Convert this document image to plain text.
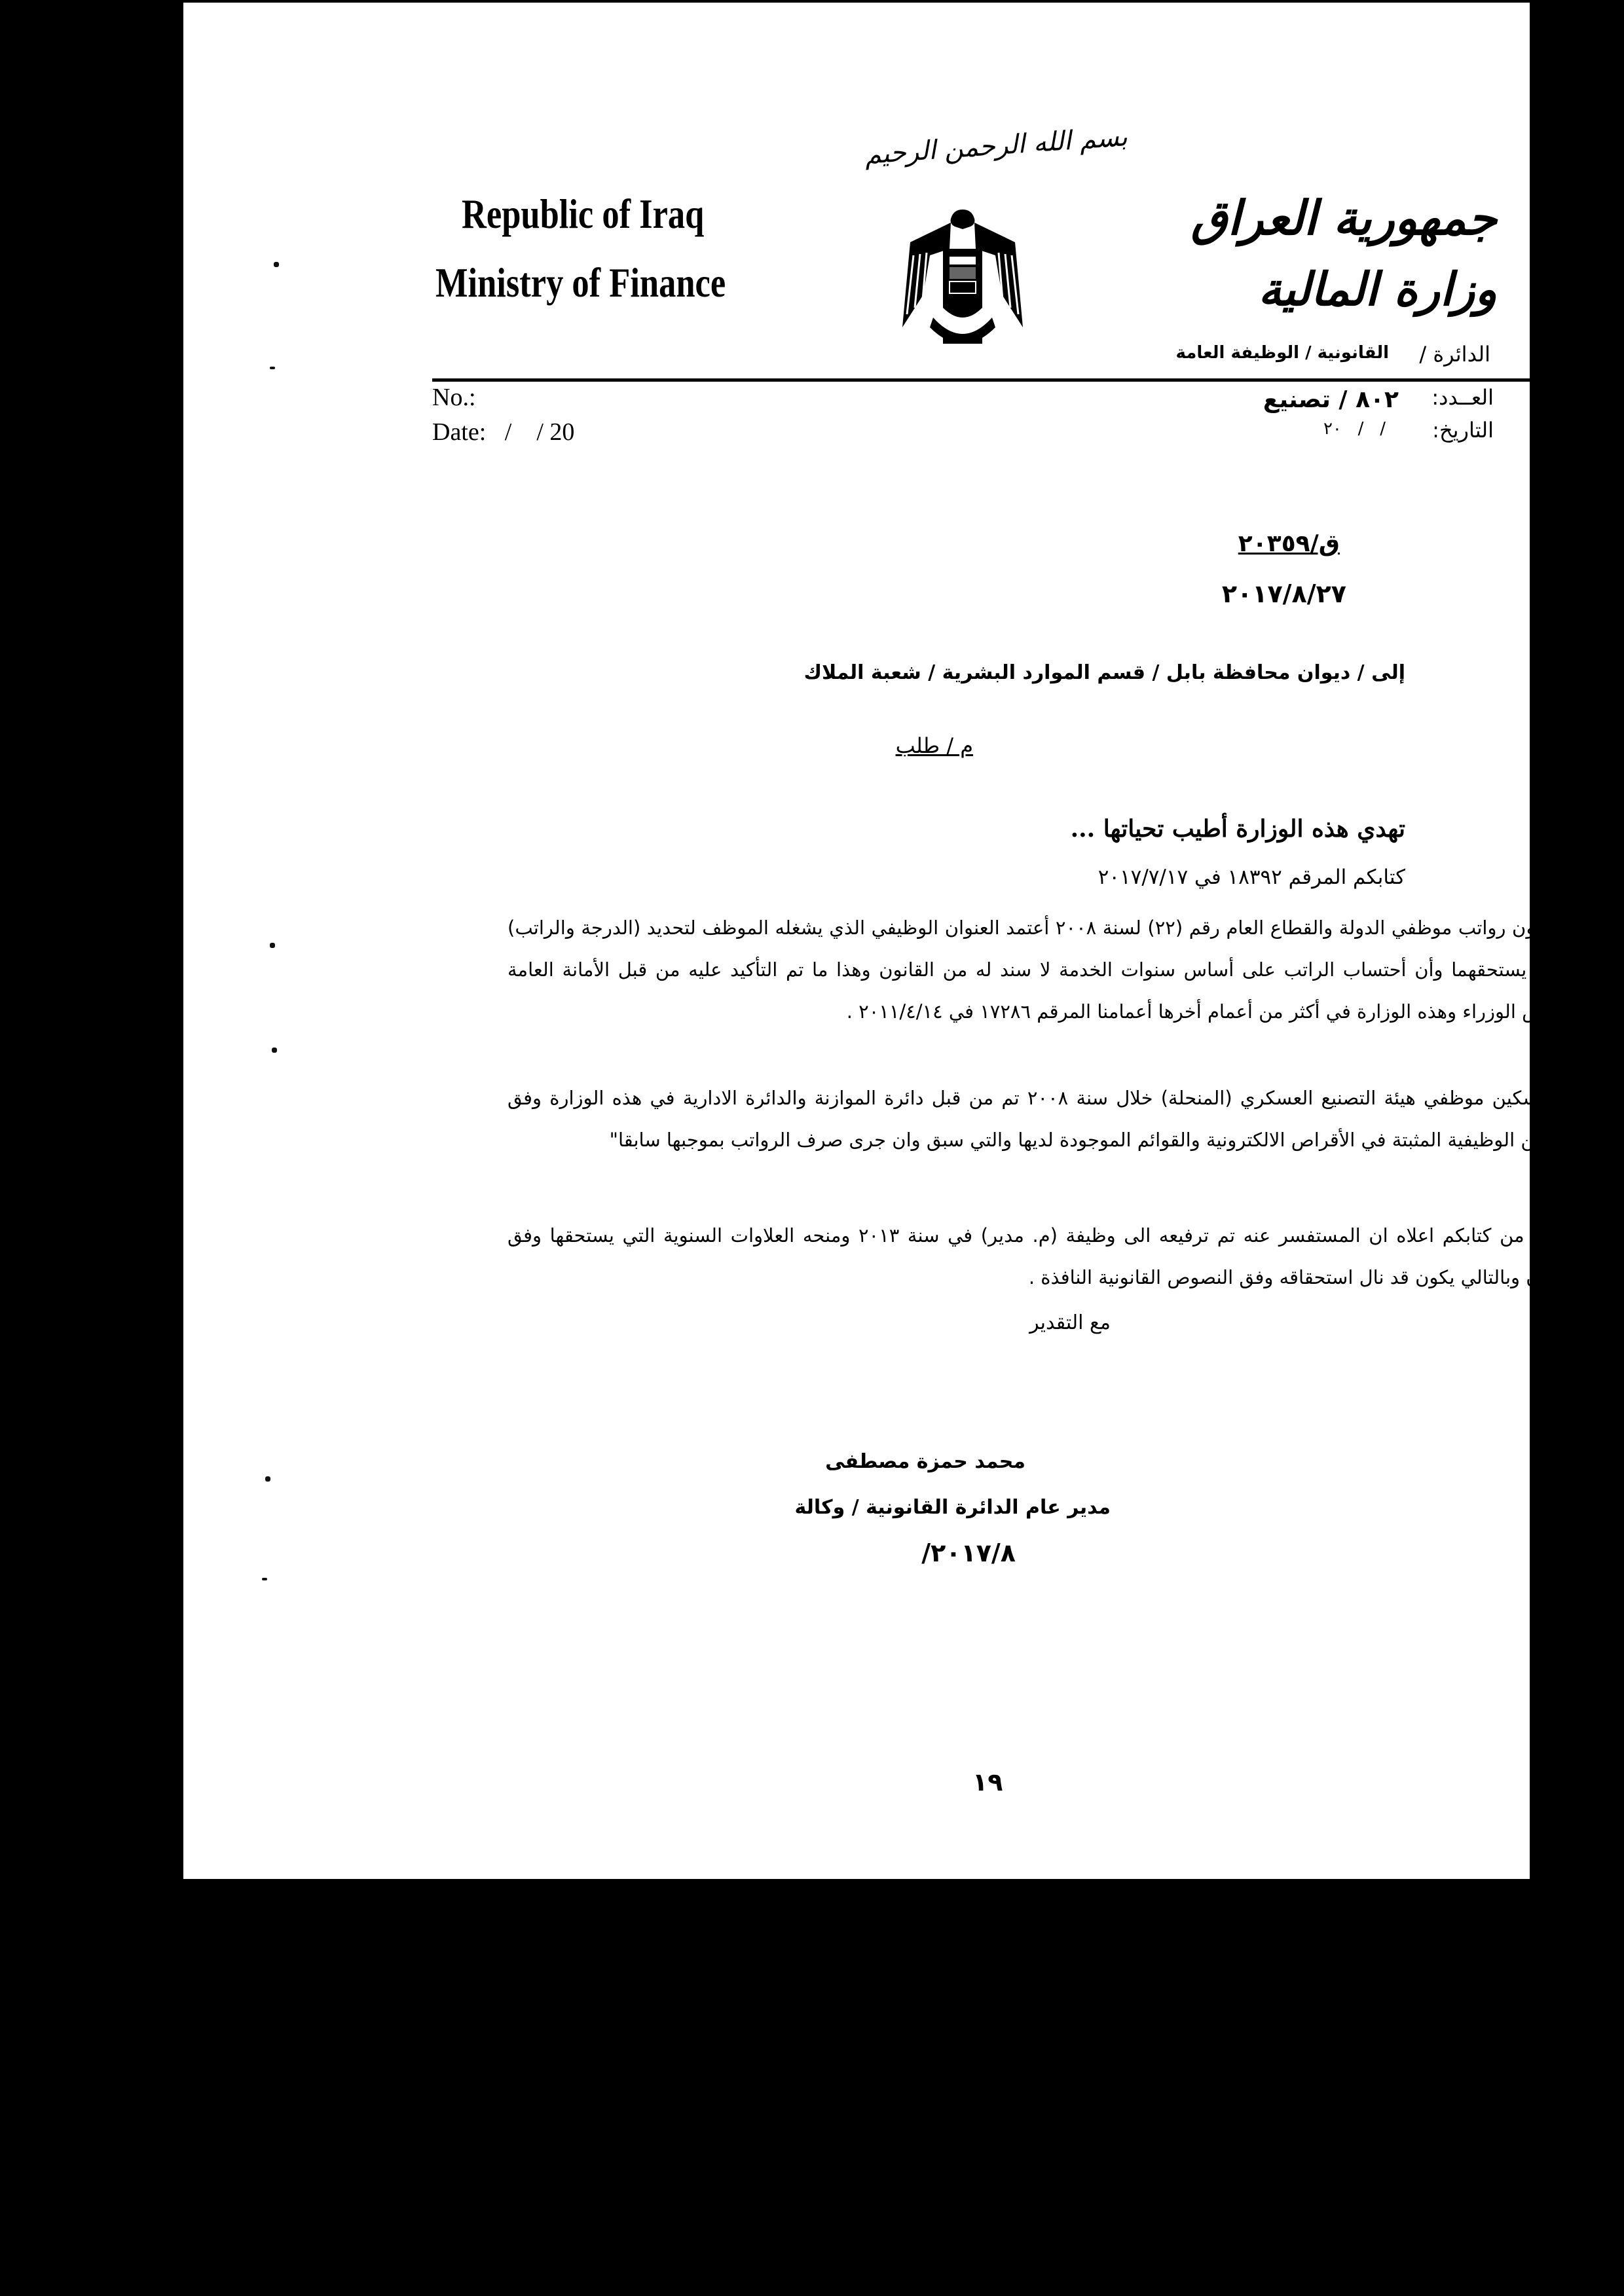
بسم الله الرحمن الرحيم
Republic of Iraq
Ministry of Finance
جمهورية العراق
وزارة المالية
الدائرة /
القانونية / الوظيفة العامة
No.:
Date:   /    / 20
العــدد:
٨٠٢ / تصنيع
التاريخ:
/   /   ٢٠
ق/٢٠٣٥٩
٢٠١٧/٨/٢٧
إلى / ديوان محافظة بابل / قسم الموارد البشرية / شعبة الملاك
م / طلب
تهدي هذه الوزارة أطيب تحياتها ...
كتابكم المرقم ١٨٣٩٢ في ٢٠١٧/٧/١٧
أن قانون رواتب موظفي الدولة والقطاع العام رقم (٢٢) لسنة ٢٠٠٨ أعتمد العنوان الوظيفي الذي يشغله الموظف لتحديد (الدرجة والراتب) اللذان يستحقهما وأن أحتساب الراتب على أساس سنوات الخدمة لا سند له من القانون وهذا ما تم التأكيد عليه من قبل الأمانة العامة لمجلس الوزراء وهذه الوزارة في أكثر من أعمام أخرها أعمامنا المرقم ١٧٢٨٦ في ٢٠١١/٤/١٤ .
وان تسكين موظفي هيئة التصنيع العسكري (المنحلة) خلال سنة ٢٠٠٨ تم من قبل دائرة الموازنة والدائرة الادارية في هذه الوزارة وفق العناوين الوظيفية المثبتة في الأقراص الالكترونية والقوائم الموجودة لديها والتي سبق وان جرى صرف الرواتب بموجبها سابقا"
ويتضح من كتابكم اعلاه ان المستفسر عنه تم ترفيعه الى وظيفة (م. مدير) في سنة ٢٠١٣ ومنحه العلاوات السنوية التي يستحقها وفق القانون وبالتالي يكون قد نال استحقاقه وفق النصوص القانونية النافذة .
مع التقدير
محمد حمزة مصطفى
مدير عام الدائرة القانونية / وكالة
٢٠١٧/٨/
١٩
